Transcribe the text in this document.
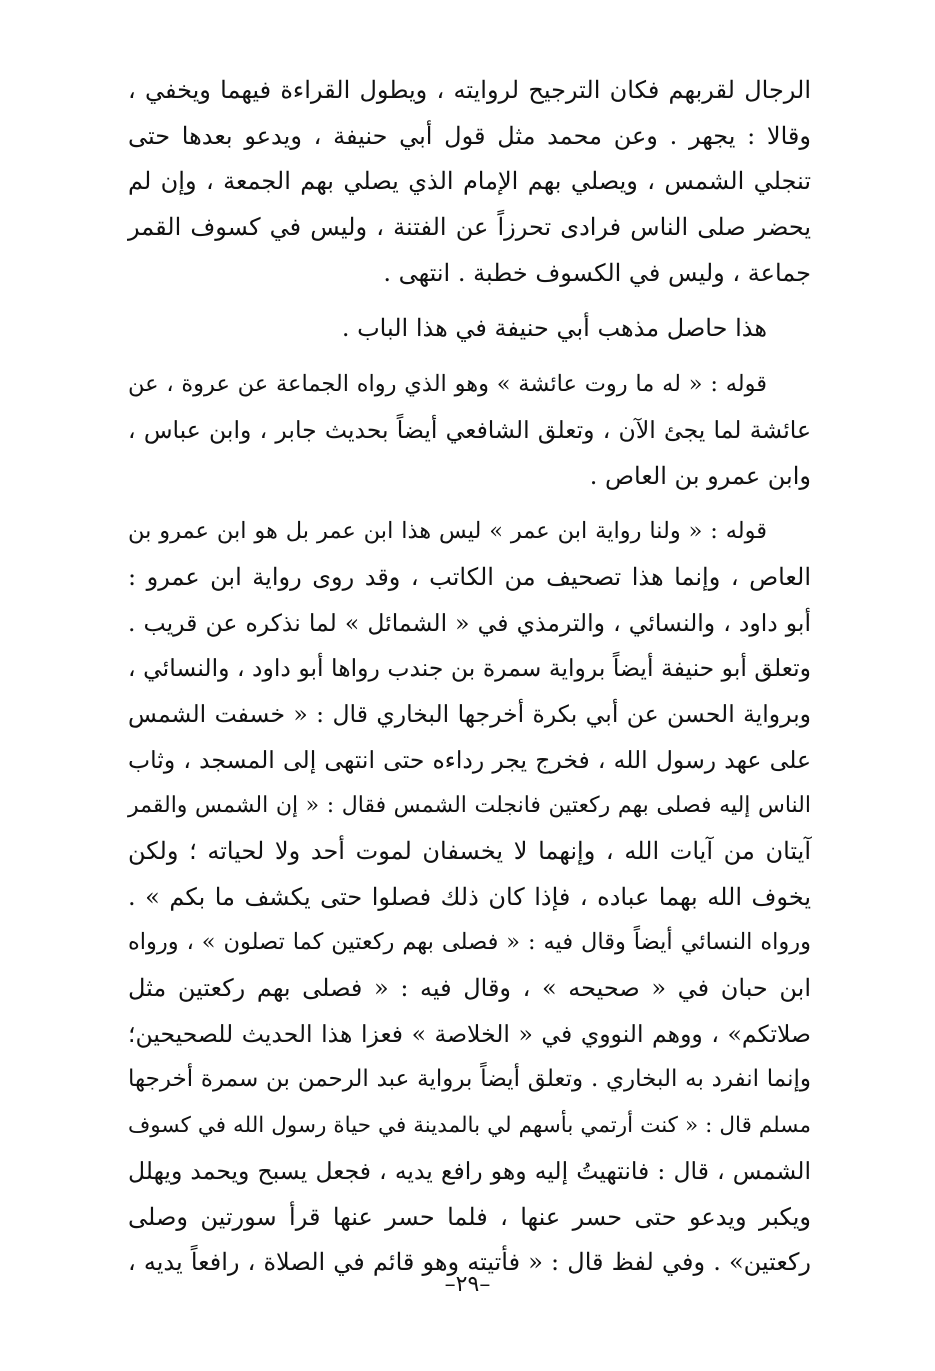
الرجال لقربهم فكان الترجيح لروايته ، ويطول القراءة فيهما ويخفي ،
وقالا : يجهر . وعن محمد مثل قول أبي حنيفة ، ويدعو بعدها حتى
تنجلي الشمس ، ويصلي بهم الإمام الذي يصلي بهم الجمعة ، وإن لم
يحضر صلى الناس فرادى تحرزاً عن الفتنة ، وليس في كسوف القمر
جماعة ، وليس في الكسوف خطبة . انتهى .

هذا حاصل مذهب أبي حنيفة في هذا الباب .

قوله : « له ما روت عائشة » وهو الذي رواه الجماعة عن عروة ، عن
عائشة لما يجئ الآن ، وتعلق الشافعي أيضاً بحديث جابر ، وابن عباس ،
وابن عمرو بن العاص .

قوله : « ولنا رواية ابن عمر » ليس هذا ابن عمر بل هو ابن عمرو بن
العاص ، وإنما هذا تصحيف من الكاتب ، وقد روى رواية ابن عمرو :
أبو داود ، والنسائي ، والترمذي في « الشمائل » لما نذكره عن قريب .
وتعلق أبو حنيفة أيضاً برواية سمرة بن جندب رواها أبو داود ، والنسائي ،
وبرواية الحسن عن أبي بكرة أخرجها البخاري قال : « خسفت الشمس
على عهد رسول الله ، فخرج يجر رداءه حتى انتهى إلى المسجد ، وثاب
الناس إليه فصلى بهم ركعتين فانجلت الشمس فقال : « إن الشمس والقمر
آيتان من آيات الله ، وإنهما لا يخسفان لموت أحد ولا لحياته ؛ ولكن
يخوف الله بهما عباده ، فإذا كان ذلك فصلوا حتى يكشف ما بكم » .
ورواه النسائي أيضاً وقال فيه : « فصلى بهم ركعتين كما تصلون » ، ورواه
ابن حبان في « صحيحه » ، وقال فيه : « فصلى بهم ركعتين مثل
صلاتكم» ، ووهم النووي في « الخلاصة » فعزا هذا الحديث للصحيحين؛
وإنما انفرد به البخاري . وتعلق أيضاً برواية عبد الرحمن بن سمرة أخرجها
مسلم قال : « كنت أرتمي بأسهم لي بالمدينة في حياة رسول الله في كسوف
الشمس ، قال : فانتهيتُ إليه وهو رافع يديه ، فجعل يسبح ويحمد ويهلل
ويكبر ويدعو حتى حسر عنها ، فلما حسر عنها قرأ سورتين وصلى
ركعتين» . وفي لفظ قال : « فأتيته وهو قائم في الصلاة ، رافعاً يديه ،

–٢٩–
